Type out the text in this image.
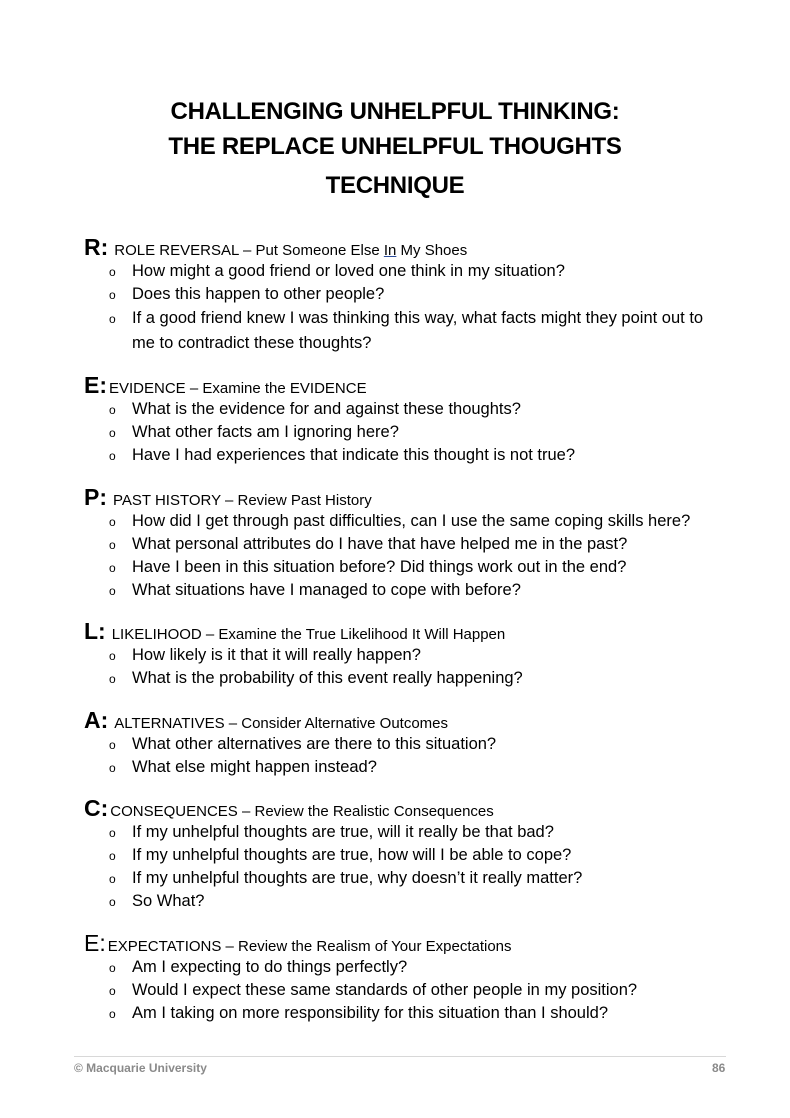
CHALLENGING UNHELPFUL THINKING:
THE REPLACE UNHELPFUL THOUGHTS
TECHNIQUE
R: ROLE REVERSAL – Put Someone Else In My Shoes
o How might a good friend or loved one think in my situation?
o Does this happen to other people?
o If a good friend knew I was thinking this way, what facts might they point out to me to contradict these thoughts?
E: EVIDENCE – Examine the EVIDENCE
o What is the evidence for and against these thoughts?
o What other facts am I ignoring here?
o Have I had experiences that indicate this thought is not true?
P: PAST HISTORY – Review Past History
o How did I get through past difficulties, can I use the same coping skills here?
o What personal attributes do I have that have helped me in the past?
o Have I been in this situation before? Did things work out in the end?
o What situations have I managed to cope with before?
L: LIKELIHOOD – Examine the True Likelihood It Will Happen
o How likely is it that it will really happen?
o What is the probability of this event really happening?
A: ALTERNATIVES – Consider Alternative Outcomes
o What other alternatives are there to this situation?
o What else might happen instead?
C: CONSEQUENCES – Review the Realistic Consequences
o If my unhelpful thoughts are true, will it really be that bad?
o If my unhelpful thoughts are true, how will I be able to cope?
o If my unhelpful thoughts are true, why doesn’t it really matter?
o So What?
E: EXPECTATIONS – Review the Realism of Your Expectations
o Am I expecting to do things perfectly?
o Would I expect these same standards of other people in my position?
o Am I taking on more responsibility for this situation than I should?
© Macquarie University	86
